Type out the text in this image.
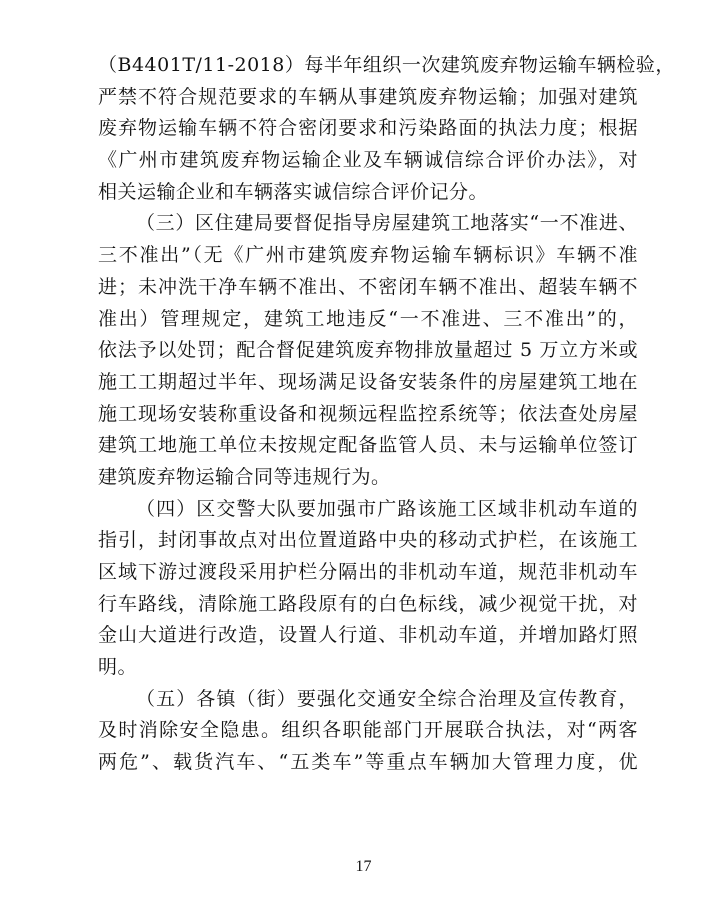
（B4401T/11-2018）每半年组织一次建筑废弃物运输车辆检验，
严禁不符合规范要求的车辆从事建筑废弃物运输；加强对建筑
废弃物运输车辆不符合密闭要求和污染路面的执法力度；根据
《广州市建筑废弃物运输企业及车辆诚信综合评价办法》，对
相关运输企业和车辆落实诚信综合评价记分。
（三）区住建局要督促指导房屋建筑工地落实“一不准进、
三不准出”（无《广州市建筑废弃物运输车辆标识》车辆不准
进；未冲洗干净车辆不准出、不密闭车辆不准出、超装车辆不
准出）管理规定，建筑工地违反“一不准进、三不准出”的，
依法予以处罚；配合督促建筑废弃物排放量超过 5 万立方米或
施工工期超过半年、现场满足设备安装条件的房屋建筑工地在
施工现场安装称重设备和视频远程监控系统等；依法查处房屋
建筑工地施工单位未按规定配备监管人员、未与运输单位签订
建筑废弃物运输合同等违规行为。
（四）区交警大队要加强市广路该施工区域非机动车道的
指引，封闭事故点对出位置道路中央的移动式护栏，在该施工
区域下游过渡段采用护栏分隔出的非机动车道，规范非机动车
行车路线，清除施工路段原有的白色标线，减少视觉干扰，对
金山大道进行改造，设置人行道、非机动车道，并增加路灯照
明。
（五）各镇（街）要强化交通安全综合治理及宣传教育，
及时消除安全隐患。组织各职能部门开展联合执法，对“两客
两危”、载货汽车、“五类车”等重点车辆加大管理力度，优
17
